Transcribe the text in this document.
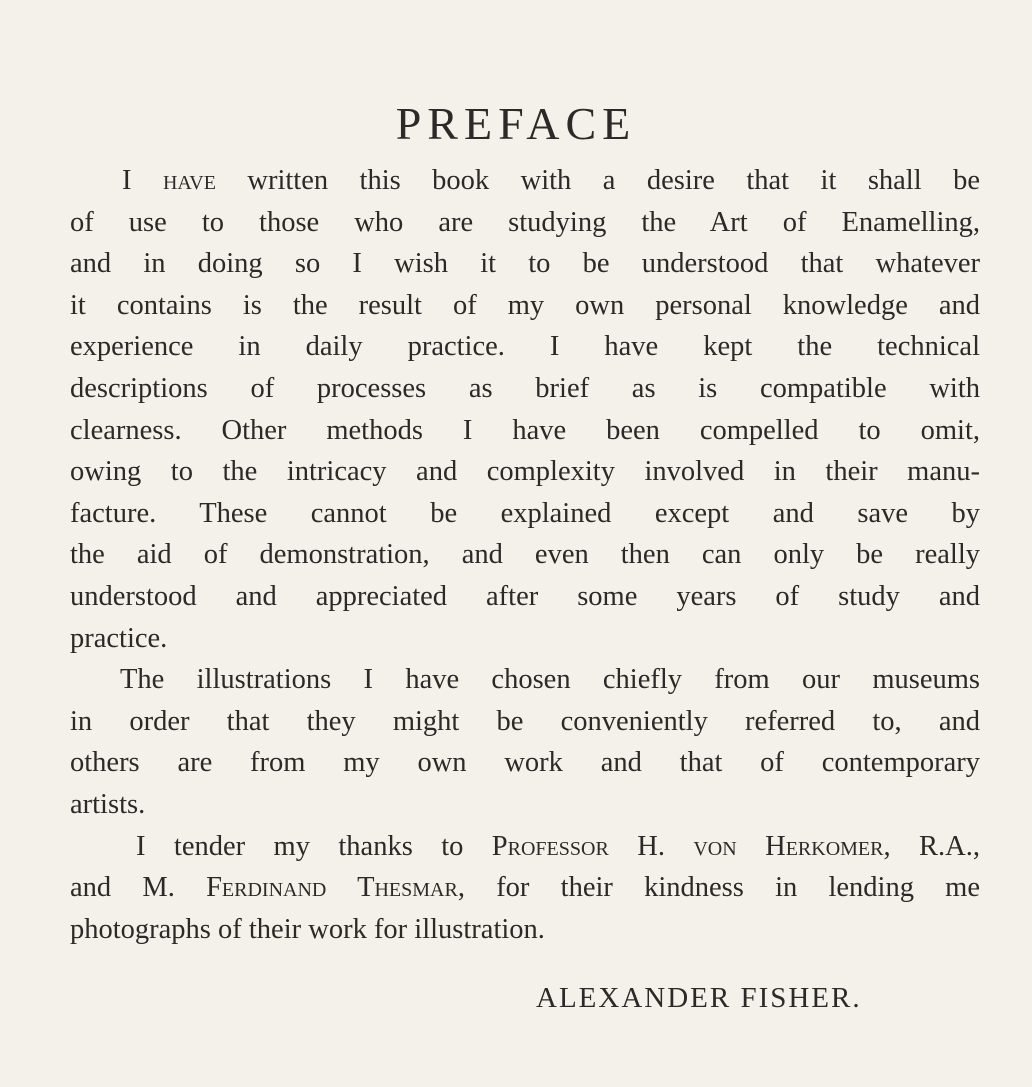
PREFACE
I have written this book with a desire that it shall be
of use to those who are studying the Art of Enamelling,
and in doing so I wish it to be understood that whatever
it contains is the result of my own personal knowledge and
experience in daily practice. I have kept the technical
descriptions of processes as brief as is compatible with
clearness. Other methods I have been compelled to omit,
owing to the intricacy and complexity involved in their manu-
facture. These cannot be explained except and save by
the aid of demonstration, and even then can only be really
understood and appreciated after some years of study and
practice.
The illustrations I have chosen chiefly from our museums
in order that they might be conveniently referred to, and
others are from my own work and that of contemporary
artists.
I tender my thanks to Professor H. von Herkomer, R.A.,
and M. Ferdinand Thesmar, for their kindness in lending me
photographs of their work for illustration.
ALEXANDER FISHER.
